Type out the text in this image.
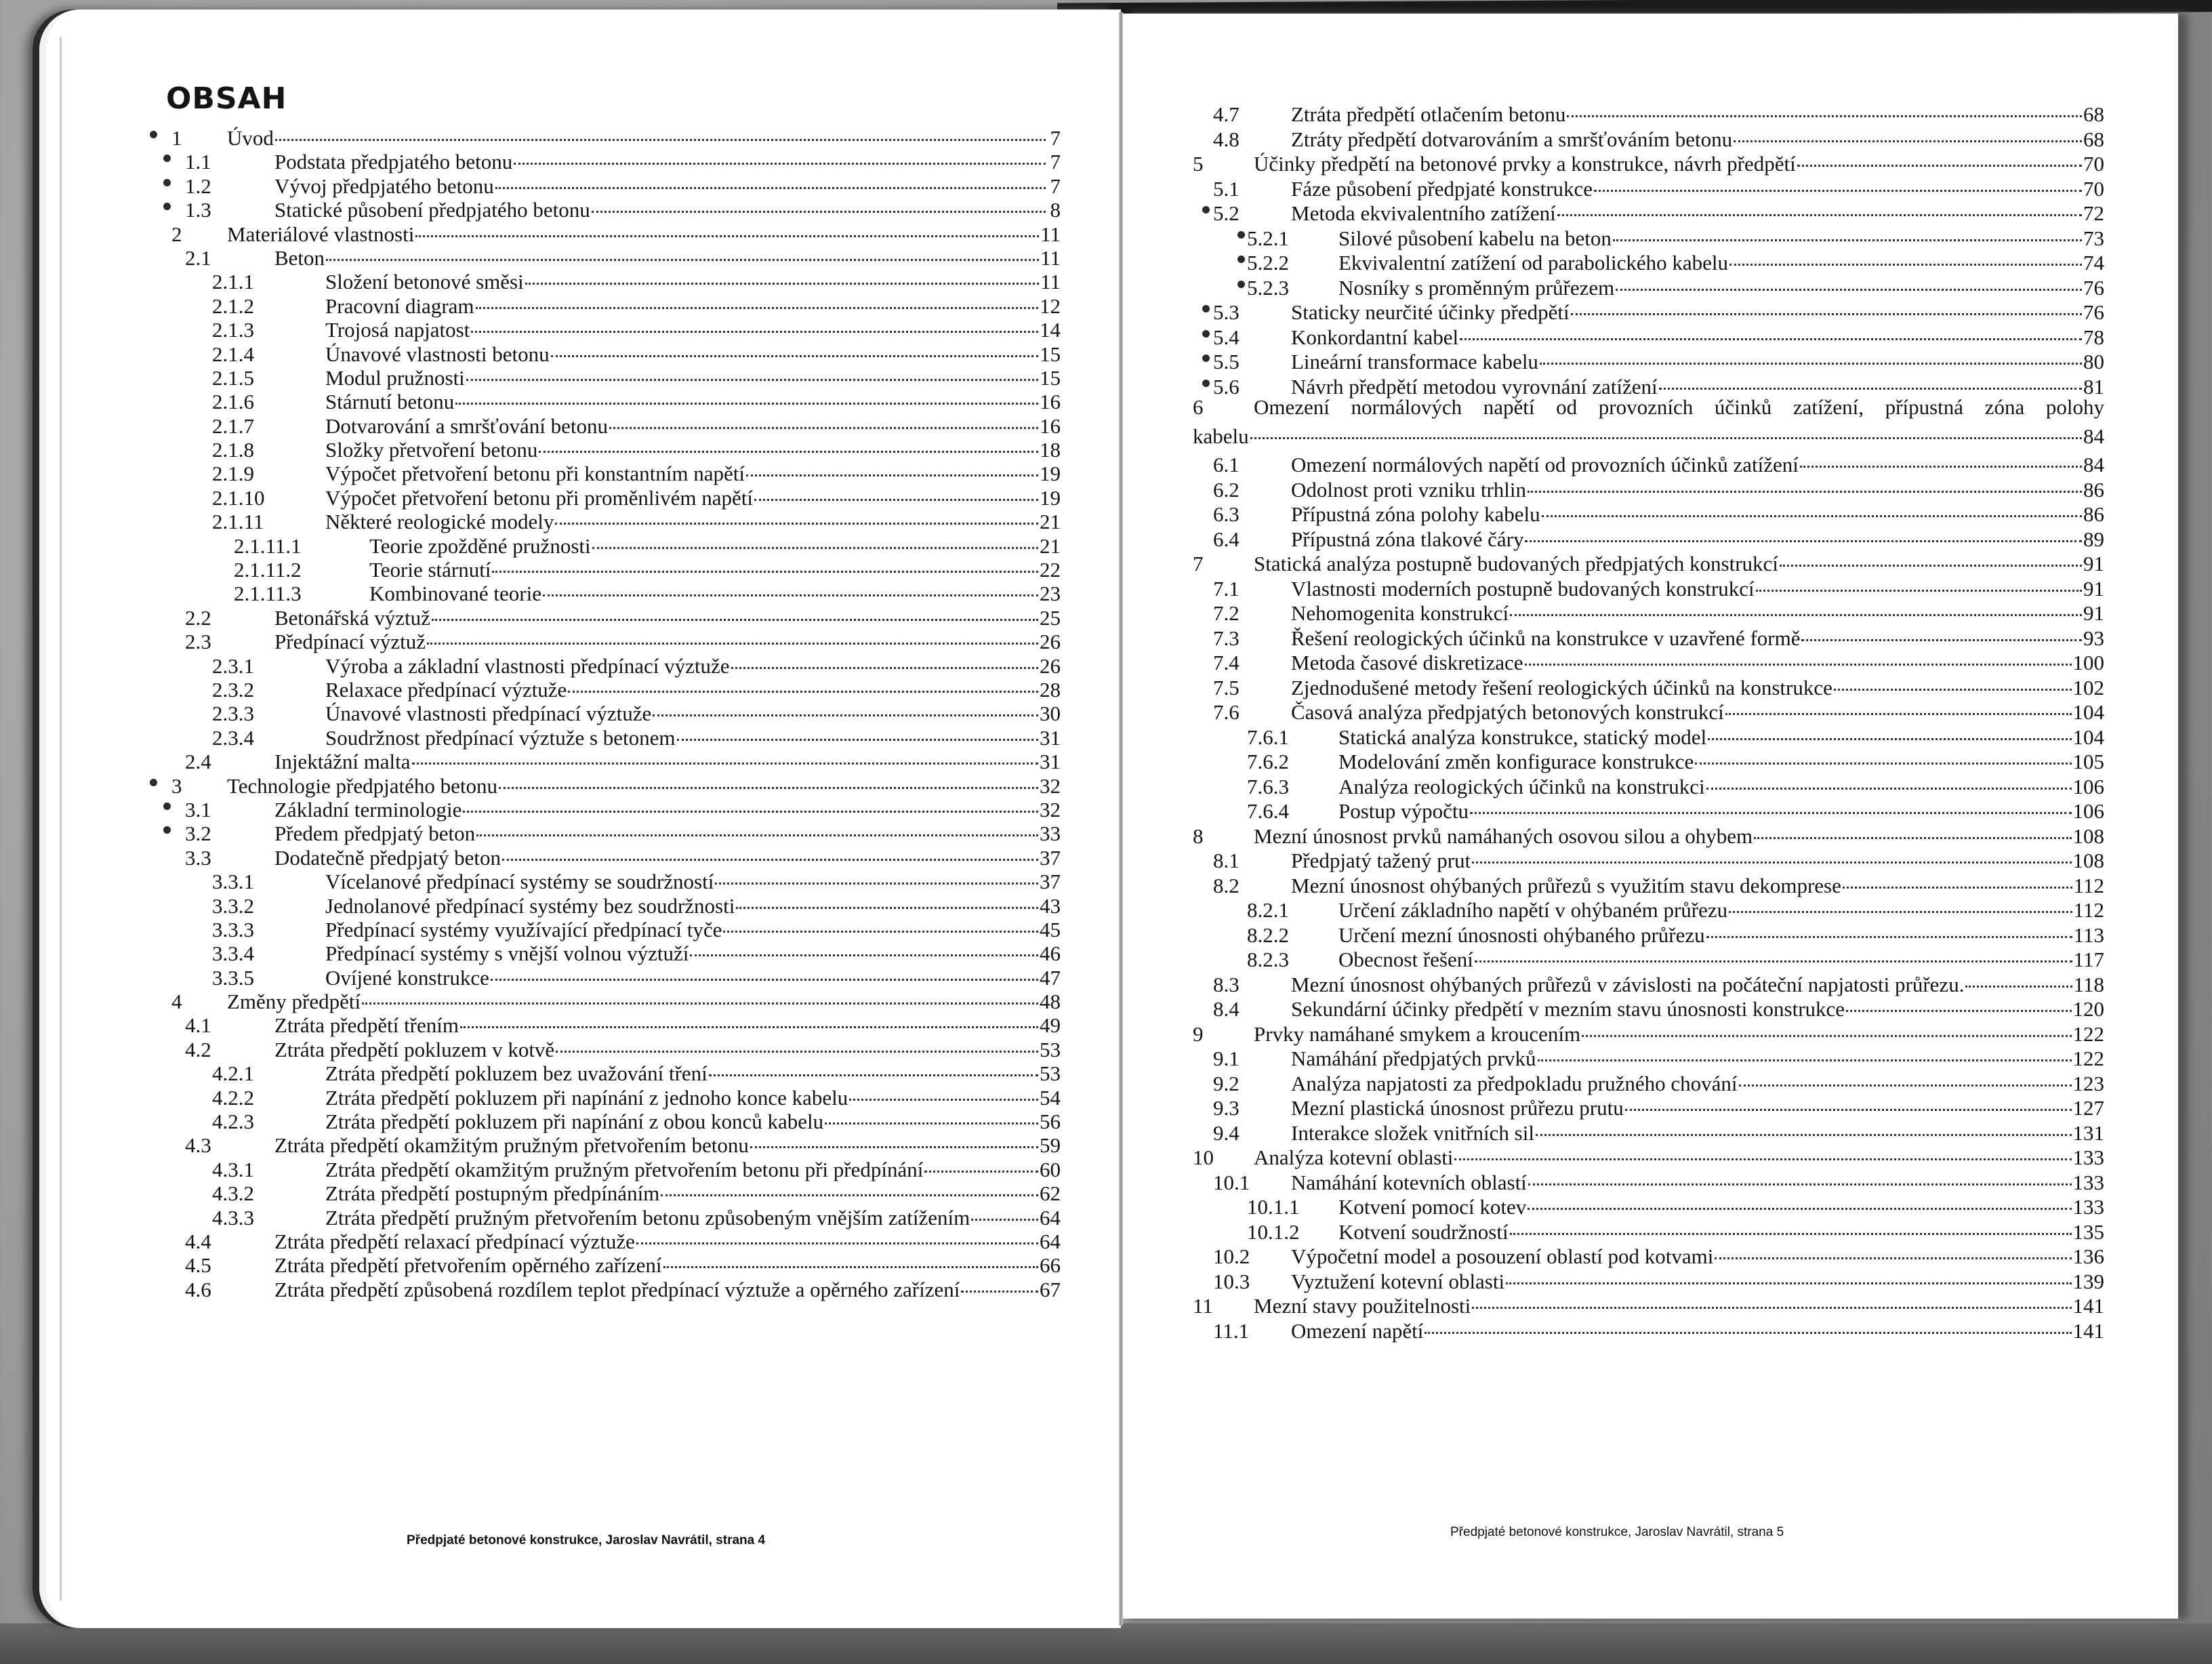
OBSAH
1	Úvod	7
1.1	Podstata předpjatého betonu	7
1.2	Vývoj předpjatého betonu	7
1.3	Statické působení předpjatého betonu	8
2	Materiálové vlastnosti	11
2.1	Beton	11
2.1.1	Složení betonové směsi	11
2.1.2	Pracovní diagram	12
2.1.3	Trojosá napjatost	14
2.1.4	Únavové vlastnosti betonu	15
2.1.5	Modul pružnosti	15
2.1.6	Stárnutí betonu	16
2.1.7	Dotvarování a smršťování betonu	16
2.1.8	Složky přetvoření betonu	18
2.1.9	Výpočet přetvoření betonu při konstantním napětí	19
2.1.10	Výpočet přetvoření betonu při proměnlivém napětí	19
2.1.11	Některé reologické modely	21
2.1.11.1	Teorie zpožděné pružnosti	21
2.1.11.2	Teorie stárnutí	22
2.1.11.3	Kombinované teorie	23
2.2	Betonářská výztuž	25
2.3	Předpínací výztuž	26
2.3.1	Výroba a základní vlastnosti předpínací výztuže	26
2.3.2	Relaxace předpínací výztuže	28
2.3.3	Únavové vlastnosti předpínací výztuže	30
2.3.4	Soudržnost předpínací výztuže s betonem	31
2.4	Injektážní malta	31
3	Technologie předpjatého betonu	32
3.1	Základní terminologie	32
3.2	Předem předpjatý beton	33
3.3	Dodatečně předpjatý beton	37
3.3.1	Vícelanové předpínací systémy se soudržností	37
3.3.2	Jednolanové předpínací systémy bez soudržnosti	43
3.3.3	Předpínací systémy využívající předpínací tyče	45
3.3.4	Předpínací systémy s vnější volnou výztuží	46
3.3.5	Ovíjené konstrukce	47
4	Změny předpětí	48
4.1	Ztráta předpětí třením	49
4.2	Ztráta předpětí pokluzem v kotvě	53
4.2.1	Ztráta předpětí pokluzem bez uvažování tření	53
4.2.2	Ztráta předpětí pokluzem při napínání z jednoho konce kabelu	54
4.2.3	Ztráta předpětí pokluzem při napínání z obou konců kabelu	56
4.3	Ztráta předpětí okamžitým pružným přetvořením betonu	59
4.3.1	Ztráta předpětí okamžitým pružným přetvořením betonu při předpínání	60
4.3.2	Ztráta předpětí postupným předpínáním	62
4.3.3	Ztráta předpětí pružným přetvořením betonu způsobeným vnějším zatížením	64
4.4	Ztráta předpětí relaxací předpínací výztuže	64
4.5	Ztráta předpětí přetvořením opěrného zařízení	66
4.6	Ztráta předpětí způsobená rozdílem teplot předpínací výztuže a opěrného zařízení	67
4.7	Ztráta předpětí otlačením betonu	68
4.8	Ztráty předpětí dotvarováním a smršťováním betonu	68
5	Účinky předpětí na betonové prvky a konstrukce, návrh předpětí	70
5.1	Fáze působení předpjaté konstrukce	70
5.2	Metoda ekvivalentního zatížení	72
5.2.1	Silové působení kabelu na beton	73
5.2.2	Ekvivalentní zatížení od parabolického kabelu	74
5.2.3	Nosníky s proměnným průřezem	76
5.3	Staticky neurčité účinky předpětí	76
5.4	Konkordantní kabel	78
5.5	Lineární transformace kabelu	80
5.6	Návrh předpětí metodou vyrovnání zatížení	81
6	Omezení normálových napětí od provozních účinků zatížení, přípustná zóna polohy
kabelu	84
6.1	Omezení normálových napětí od provozních účinků zatížení	84
6.2	Odolnost proti vzniku trhlin	86
6.3	Přípustná zóna polohy kabelu	86
6.4	Přípustná zóna tlakové čáry	89
7	Statická analýza postupně budovaných předpjatých konstrukcí	91
7.1	Vlastnosti moderních postupně budovaných konstrukcí	91
7.2	Nehomogenita konstrukcí	91
7.3	Řešení reologických účinků na konstrukce v uzavřené formě	93
7.4	Metoda časové diskretizace	100
7.5	Zjednodušené metody řešení reologických účinků na konstrukce	102
7.6	Časová analýza předpjatých betonových konstrukcí	104
7.6.1	Statická analýza konstrukce, statický model	104
7.6.2	Modelování změn konfigurace konstrukce	105
7.6.3	Analýza reologických účinků na konstrukci	106
7.6.4	Postup výpočtu	106
8	Mezní únosnost prvků namáhaných osovou silou a ohybem	108
8.1	Předpjatý tažený prut	108
8.2	Mezní únosnost ohýbaných průřezů s využitím stavu dekomprese	112
8.2.1	Určení základního napětí v ohýbaném průřezu	112
8.2.2	Určení mezní únosnosti ohýbaného průřezu	113
8.2.3	Obecnost řešení	117
8.3	Mezní únosnost ohýbaných průřezů v závislosti na počáteční napjatosti průřezu.	118
8.4	Sekundární účinky předpětí v mezním stavu únosnosti konstrukce	120
9	Prvky namáhané smykem a kroucením	122
9.1	Namáhání předpjatých prvků	122
9.2	Analýza napjatosti za předpokladu pružného chování	123
9.3	Mezní plastická únosnost průřezu prutu	127
9.4	Interakce složek vnitřních sil	131
10	Analýza kotevní oblasti	133
10.1	Namáhání kotevních oblastí	133
10.1.1	Kotvení pomocí kotev	133
10.1.2	Kotvení soudržností	135
10.2	Výpočetní model a posouzení oblastí pod kotvami	136
10.3	Vyztužení kotevní oblasti	139
11	Mezní stavy použitelnosti	141
11.1	Omezení napětí	141
Předpjaté betonové konstrukce, Jaroslav Navrátil, strana 4
Předpjaté betonové konstrukce, Jaroslav Navrátil, strana 5
